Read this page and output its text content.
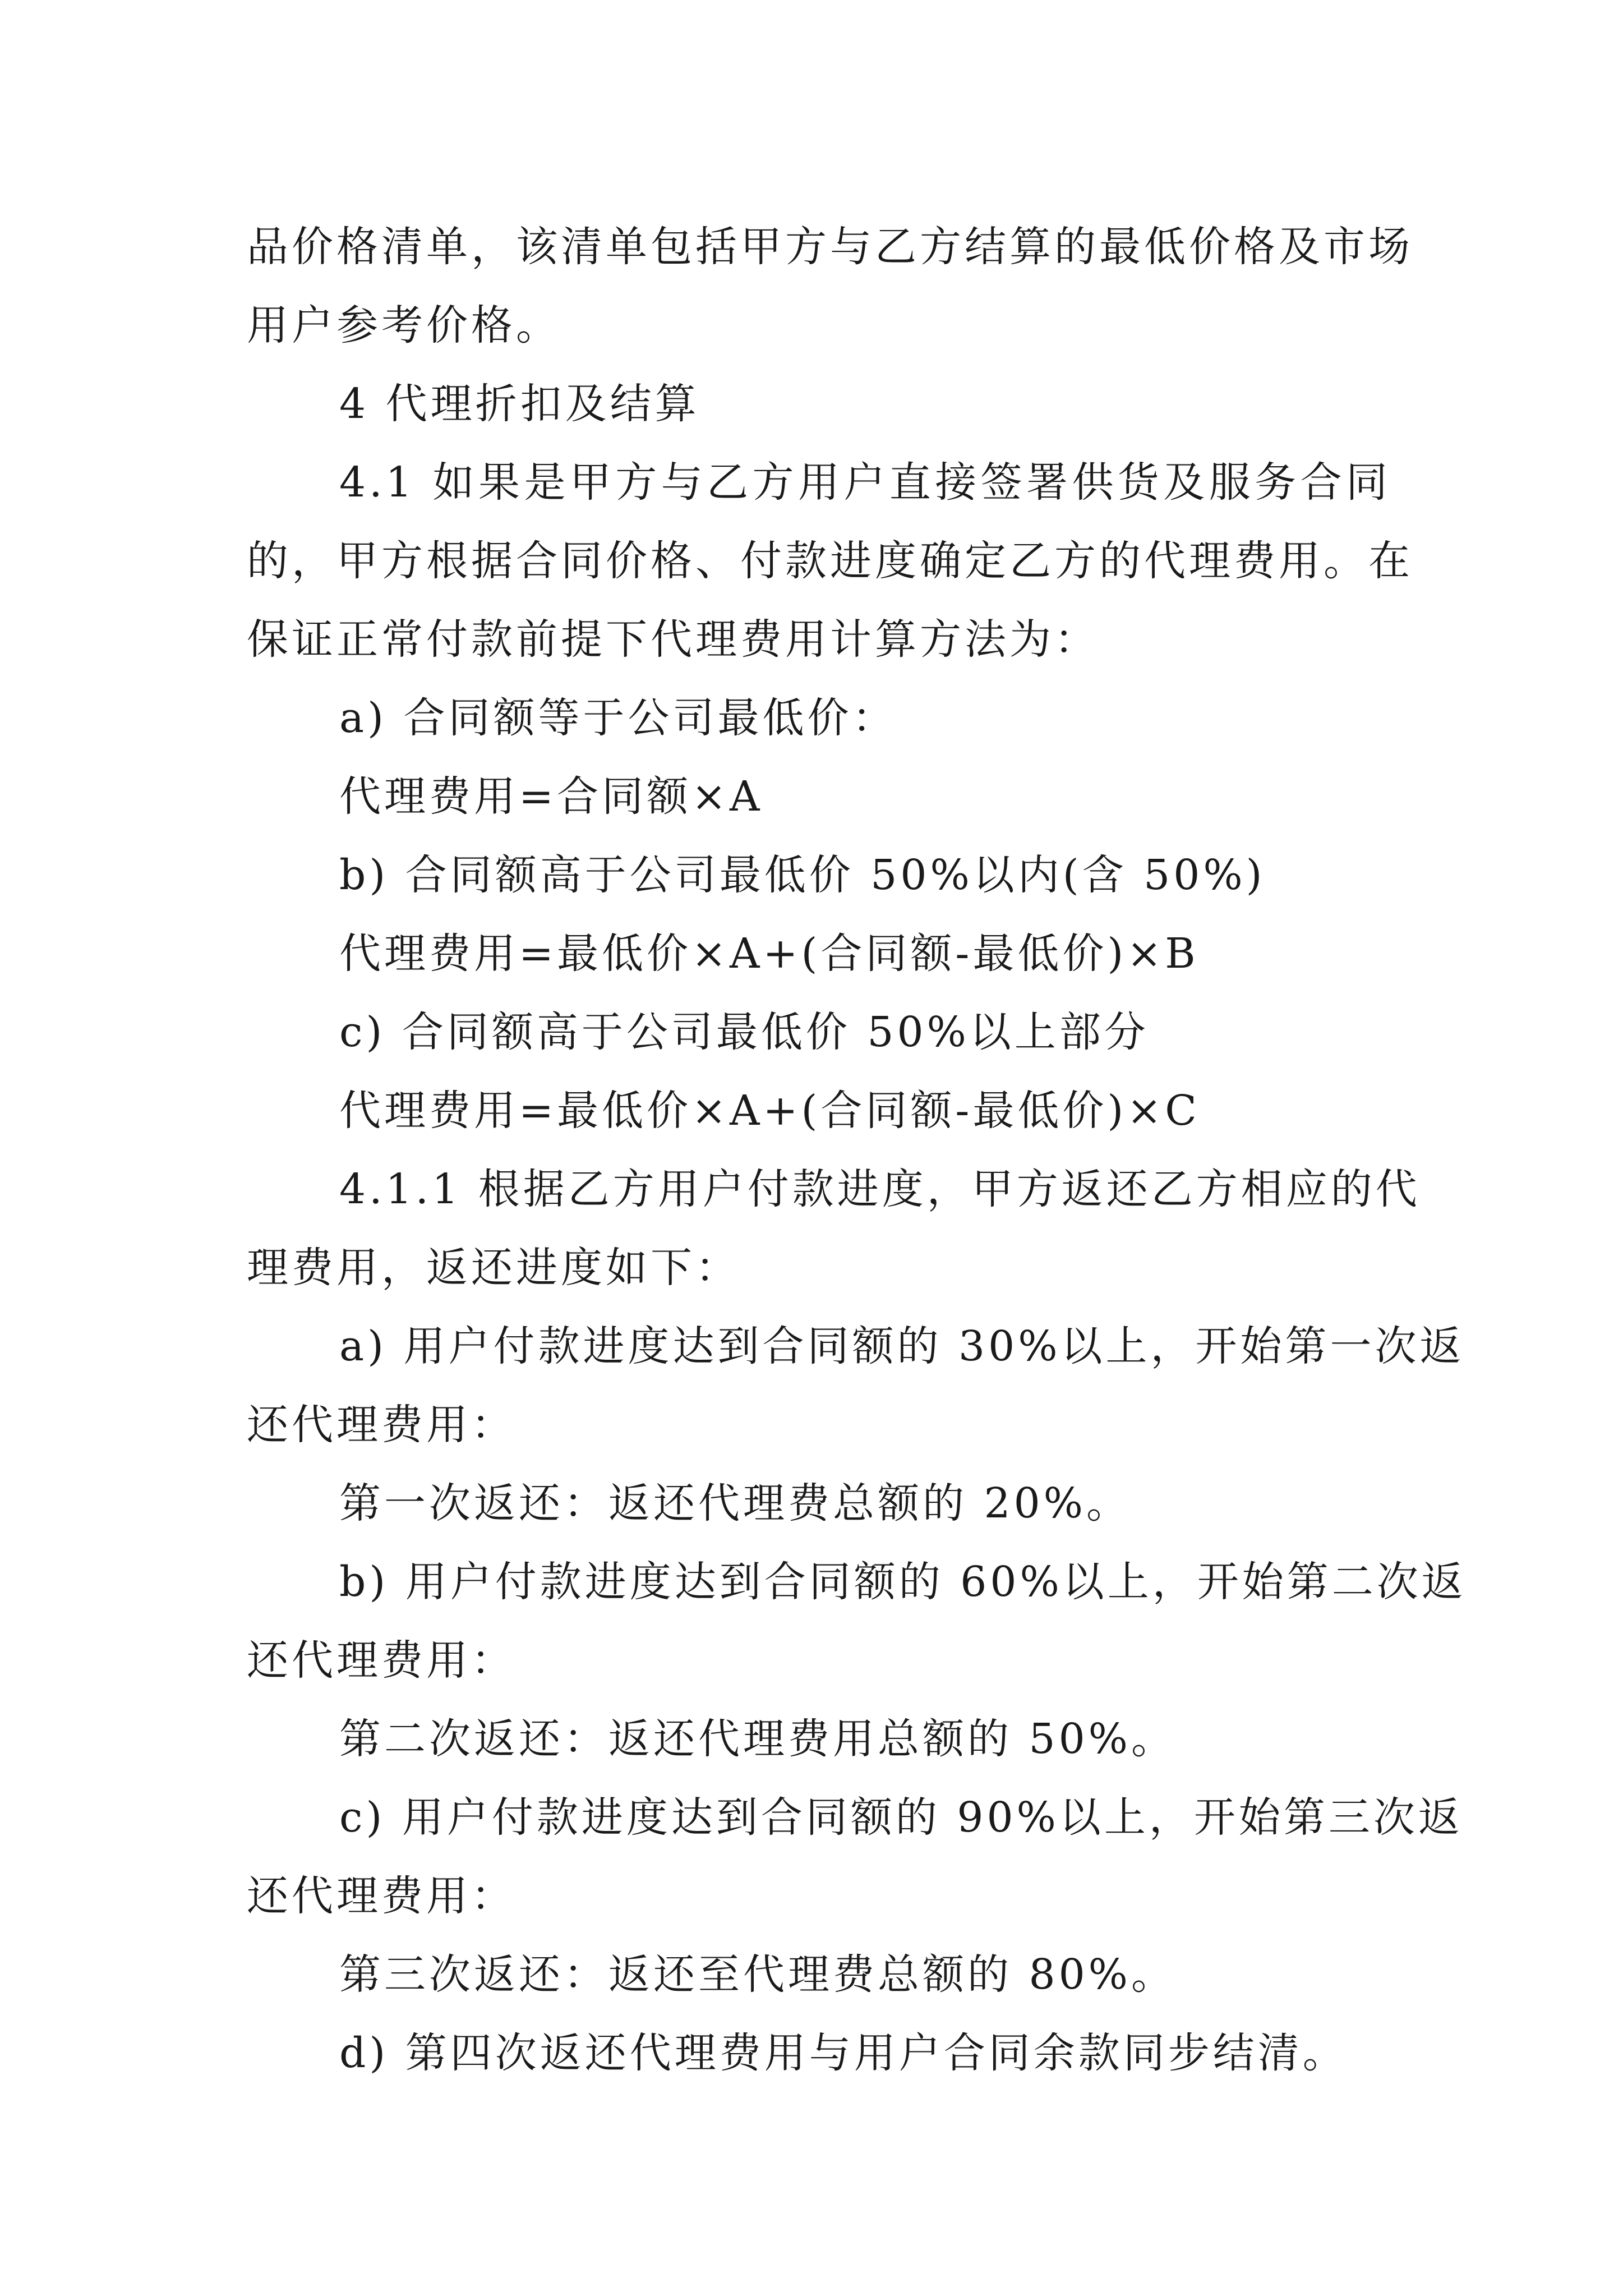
品价格清单，该清单包括甲方与乙方结算的最低价格及市场
用户参考价格。
4 代理折扣及结算
4.1 如果是甲方与乙方用户直接签署供货及服务合同
的，甲方根据合同价格、付款进度确定乙方的代理费用。在
保证正常付款前提下代理费用计算方法为：
a) 合同额等于公司最低价：
代理费用=合同额×A
b) 合同额高于公司最低价 50%以内(含 50%)
代理费用=最低价×A+(合同额-最低价)×B
c) 合同额高于公司最低价 50%以上部分
代理费用=最低价×A+(合同额-最低价)×C
4.1.1 根据乙方用户付款进度，甲方返还乙方相应的代
理费用，返还进度如下：
a) 用户付款进度达到合同额的 30%以上，开始第一次返
还代理费用：
第一次返还：返还代理费总额的 20%。
b) 用户付款进度达到合同额的 60%以上，开始第二次返
还代理费用：
第二次返还：返还代理费用总额的 50%。
c) 用户付款进度达到合同额的 90%以上，开始第三次返
还代理费用：
第三次返还：返还至代理费总额的 80%。
d) 第四次返还代理费用与用户合同余款同步结清。
